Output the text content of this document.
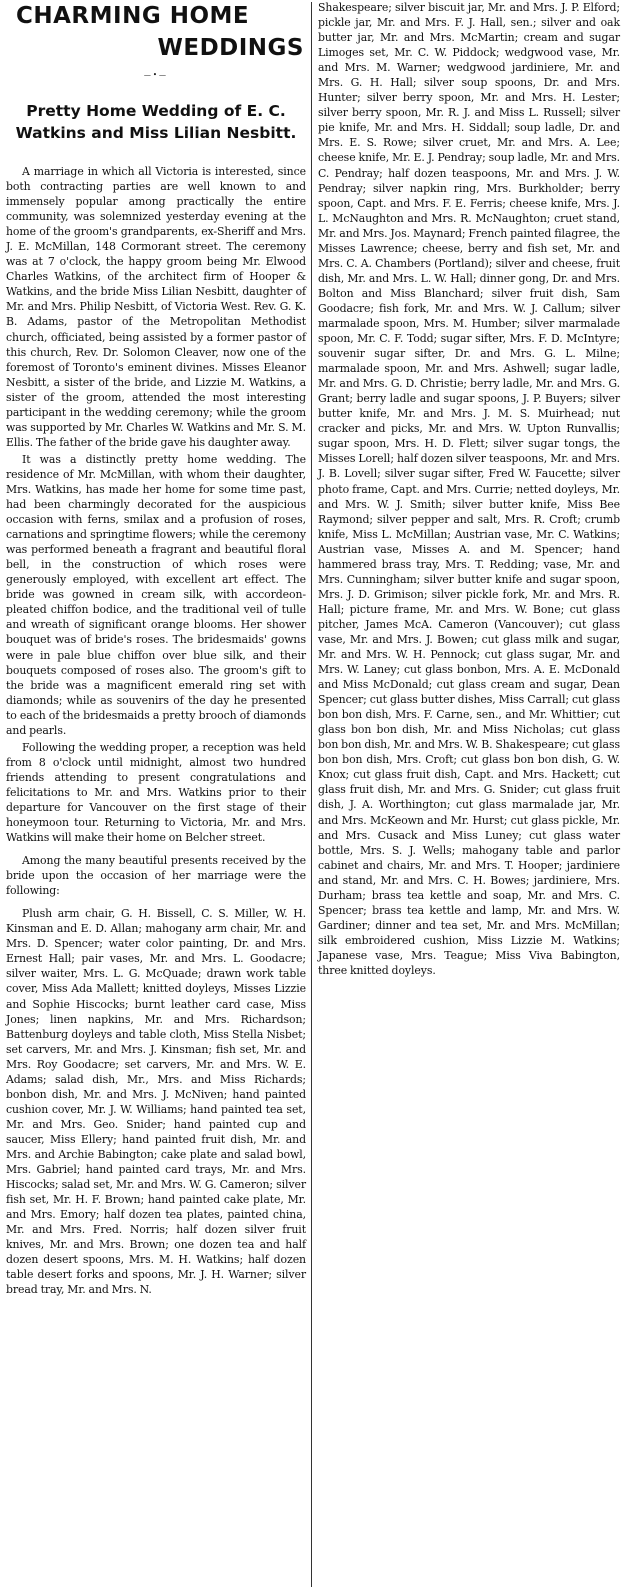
CHARMING HOME
WEDDINGS
—•—
Pretty Home Wedding of E. C. Watkins and Miss Lilian Nesbitt.

A marriage in which all Victoria is interested, since both contracting parties are well known to and immensely popular among practically the entire community, was solemnized yesterday evening at the home of the groom's grandparents, ex-Sheriff and Mrs. J. E. McMillan, 148 Cormorant street. The ceremony was at 7 o'clock, the happy groom being Mr. Elwood Charles Watkins, of the architect firm of Hooper & Watkins, and the bride Miss Lilian Nesbitt, daughter of Mr. and Mrs. Philip Nesbitt, of Victoria West. Rev. G. K. B. Adams, pastor of the Metropolitan Methodist church, officiated, being assisted by a former pastor of this church, Rev. Dr. Solomon Cleaver, now one of the foremost of Toronto's eminent divines. Misses Eleanor Nesbitt, a sister of the bride, and Lizzie M. Watkins, a sister of the groom, attended the most interesting participant in the wedding ceremony; while the groom was supported by Mr. Charles W. Watkins and Mr. S. M. Ellis. The father of the bride gave his daughter away.

It was a distinctly pretty home wedding. The residence of Mr. McMillan, with whom their daughter, Mrs. Watkins, has made her home for some time past, had been charmingly decorated for the auspicious occasion with ferns, smilax and a profusion of roses, carnations and springtime flowers; while the ceremony was performed beneath a fragrant and beautiful floral bell, in the construction of which roses were generously employed, with excellent art effect. The bride was gowned in cream silk, with accordeon-pleated chiffon bodice, and the traditional veil of tulle and wreath of significant orange blooms. Her shower bouquet was of bride's roses. The bridesmaids' gowns were in pale blue chiffon over blue silk, and their bouquets composed of roses also. The groom's gift to the bride was a magnificent emerald ring set with diamonds; while as souvenirs of the day he presented to each of the bridesmaids a pretty brooch of diamonds and pearls.

Following the wedding proper, a reception was held from 8 o'clock until midnight, almost two hundred friends attending to present congratulations and felicitations to Mr. and Mrs. Watkins prior to their departure for Vancouver on the first stage of their honeymoon tour. Returning to Victoria, Mr. and Mrs. Watkins will make their home on Belcher street.

Among the many beautiful presents received by the bride upon the occasion of her marriage were the following:

Plush arm chair, G. H. Bissell, C. S. Miller, W. H. Kinsman and E. D. Allan; mahogany arm chair, Mr. and Mrs. D. Spencer; water color painting, Dr. and Mrs. Ernest Hall; pair vases, Mr. and Mrs. L. Goodacre; silver waiter, Mrs. L. G. McQuade; drawn work table cover, Miss Ada Mallett; knitted doyleys, Misses Lizzie and Sophie Hiscocks; burnt leather card case, Miss Jones; linen napkins, Mr. and Mrs. Richardson; Battenburg doyleys and table cloth, Miss Stella Nisbet; set carvers, Mr. and Mrs. J. Kinsman; fish set, Mr. and Mrs. Roy Goodacre; set carvers, Mr. and Mrs. W. E. Adams; salad dish, Mr., Mrs. and Miss Richards; bonbon dish, Mr. and Mrs. J. McNiven; hand painted cushion cover, Mr. J. W. Williams; hand painted tea set, Mr. and Mrs. Geo. Snider; hand painted cup and saucer, Miss Ellery; hand painted fruit dish, Mr. and Mrs. and Archie Babington; cake plate and salad bowl, Mrs. Gabriel; hand painted card trays, Mr. and Mrs. Hiscocks; salad set, Mr. and Mrs. W. G. Cameron; silver fish set, Mr. H. F. Brown; hand painted cake plate, Mr. and Mrs. Emory; half dozen tea plates, painted china, Mr. and Mrs. Fred. Norris; half dozen silver fruit knives, Mr. and Mrs. Brown; one dozen tea and half dozen desert spoons, Mrs. M. H. Watkins; half dozen table desert forks and spoons, Mr. J. H. Warner; silver bread tray, Mr. and Mrs. N.

Shakespeare; silver biscuit jar, Mr. and Mrs. J. P. Elford; pickle jar, Mr. and Mrs. F. J. Hall, sen.; silver and oak butter jar, Mr. and Mrs. McMartin; cream and sugar Limoges set, Mr. C. W. Piddock; wedgwood vase, Mr. and Mrs. M. Warner; wedgwood jardiniere, Mr. and Mrs. G. H. Hall; silver soup spoons, Dr. and Mrs. Hunter; silver berry spoon, Mr. and Mrs. H. Lester; silver berry spoon, Mr. R. J. and Miss L. Russell; silver pie knife, Mr. and Mrs. H. Siddall; soup ladle, Dr. and Mrs. E. S. Rowe; silver cruet, Mr. and Mrs. A. Lee; cheese knife, Mr. E. J. Pendray; soup ladle, Mr. and Mrs. C. Pendray; half dozen teaspoons, Mr. and Mrs. J. W. Pendray; silver napkin ring, Mrs. Burkholder; berry spoon, Capt. and Mrs. F. E. Ferris; cheese knife, Mrs. J. L. McNaughton and Mrs. R. McNaughton; cruet stand, Mr. and Mrs. Jos. Maynard; French painted filagree, the Misses Lawrence; cheese, berry and fish set, Mr. and Mrs. C. A. Chambers (Portland); silver and cheese, fruit dish, Mr. and Mrs. L. W. Hall; dinner gong, Dr. and Mrs. Bolton and Miss Blanchard; silver fruit dish, Sam Goodacre; fish fork, Mr. and Mrs. W. J. Callum; silver marmalade spoon, Mrs. M. Humber; silver marmalade spoon, Mr. C. F. Todd; sugar sifter, Mrs. F. D. McIntyre; souvenir sugar sifter, Dr. and Mrs. G. L. Milne; marmalade spoon, Mr. and Mrs. Ashwell; sugar ladle, Mr. and Mrs. G. D. Christie; berry ladle, Mr. and Mrs. G. Grant; berry ladle and sugar spoons, J. P. Buyers; silver butter knife, Mr. and Mrs. J. M. S. Muirhead; nut cracker and picks, Mr. and Mrs. W. Upton Runvallis; sugar spoon, Mrs. H. D. Flett; silver sugar tongs, the Misses Lorell; half dozen silver teaspoons, Mr. and Mrs. J. B. Lovell; silver sugar sifter, Fred W. Faucette; silver photo frame, Capt. and Mrs. Currie; netted doyleys, Mr. and Mrs. W. J. Smith; silver butter knife, Miss Bee Raymond; silver pepper and salt, Mrs. R. Croft; crumb knife, Miss L. McMillan; Austrian vase, Mr. C. Watkins; Austrian vase, Misses A. and M. Spencer; hand hammered brass tray, Mrs. T. Redding; vase, Mr. and Mrs. Cunningham; silver butter knife and sugar spoon, Mrs. J. D. Grimison; silver pickle fork, Mr. and Mrs. R. Hall; picture frame, Mr. and Mrs. W. Bone; cut glass pitcher, James McA. Cameron (Vancouver); cut glass vase, Mr. and Mrs. J. Bowen; cut glass milk and sugar, Mr. and Mrs. W. H. Pennock; cut glass sugar, Mr. and Mrs. W. Laney; cut glass bonbon, Mrs. A. E. McDonald and Miss McDonald; cut glass cream and sugar, Dean Spencer; cut glass butter dishes, Miss Carrall; cut glass bon bon dish, Mrs. F. Carne, sen., and Mr. Whittier; cut glass bon bon dish, Mr. and Miss Nicholas; cut glass bon bon dish, Mr. and Mrs. W. B. Shakespeare; cut glass bon bon dish, Mrs. Croft; cut glass bon bon dish, G. W. Knox; cut glass fruit dish, Capt. and Mrs. Hackett; cut glass fruit dish, Mr. and Mrs. G. Snider; cut glass fruit dish, J. A. Worthington; cut glass marmalade jar, Mr. and Mrs. McKeown and Mr. Hurst; cut glass pickle, Mr. and Mrs. Cusack and Miss Luney; cut glass water bottle, Mrs. S. J. Wells; mahogany table and parlor cabinet and chairs, Mr. and Mrs. T. Hooper; jardiniere and stand, Mr. and Mrs. C. H. Bowes; jardiniere, Mrs. Durham; brass tea kettle and soap, Mr. and Mrs. C. Spencer; brass tea kettle and lamp, Mr. and Mrs. W. Gardiner; dinner and tea set, Mr. and Mrs. McMillan; silk embroidered cushion, Miss Lizzie M. Watkins; Japanese vase, Mrs. Teague; Miss Viva Babington, three knitted doyleys.
